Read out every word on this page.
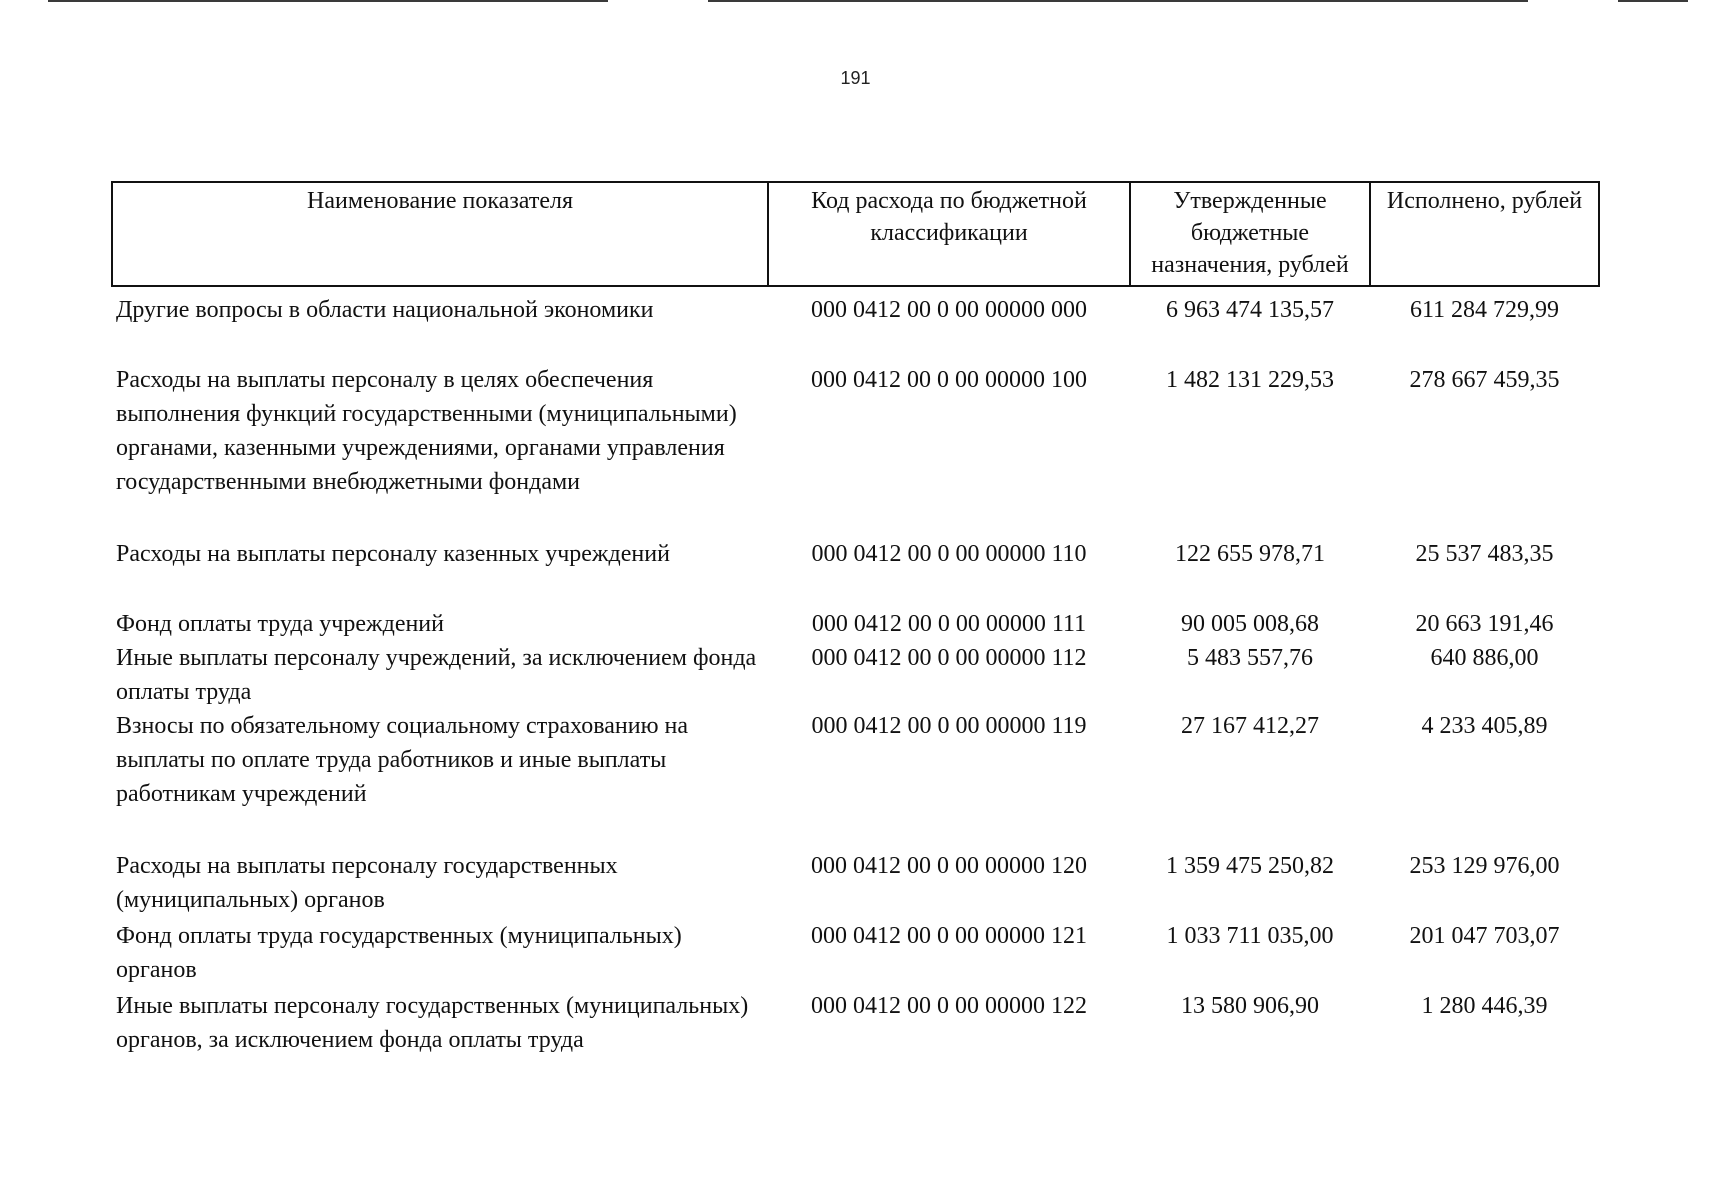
191
Наименование показателя	Код расхода по бюджетной классификации	Утвержденные бюджетные назначения, рублей	Исполнено, рублей
Другие вопросы в области национальной экономики	000 0412 00 0 00 00000 000	6 963 474 135,57	611 284 729,99
Расходы на выплаты персоналу в целях обеспечения выполнения функций государственными (муниципальными) органами, казенными учреждениями, органами управления государственными внебюджетными фондами	000 0412 00 0 00 00000 100	1 482 131 229,53	278 667 459,35
Расходы на выплаты персоналу казенных учреждений	000 0412 00 0 00 00000 110	122 655 978,71	25 537 483,35
Фонд оплаты труда учреждений	000 0412 00 0 00 00000 111	90 005 008,68	20 663 191,46
Иные выплаты персоналу учреждений, за исключением фонда оплаты труда	000 0412 00 0 00 00000 112	5 483 557,76	640 886,00
Взносы по обязательному социальному страхованию на выплаты по оплате труда работников и иные выплаты работникам учреждений	000 0412 00 0 00 00000 119	27 167 412,27	4 233 405,89
Расходы на выплаты персоналу государственных (муниципальных) органов	000 0412 00 0 00 00000 120	1 359 475 250,82	253 129 976,00
Фонд оплаты труда государственных (муниципальных) органов	000 0412 00 0 00 00000 121	1 033 711 035,00	201 047 703,07
Иные выплаты персоналу государственных (муниципальных) органов, за исключением фонда оплаты труда	000 0412 00 0 00 00000 122	13 580 906,90	1 280 446,39
